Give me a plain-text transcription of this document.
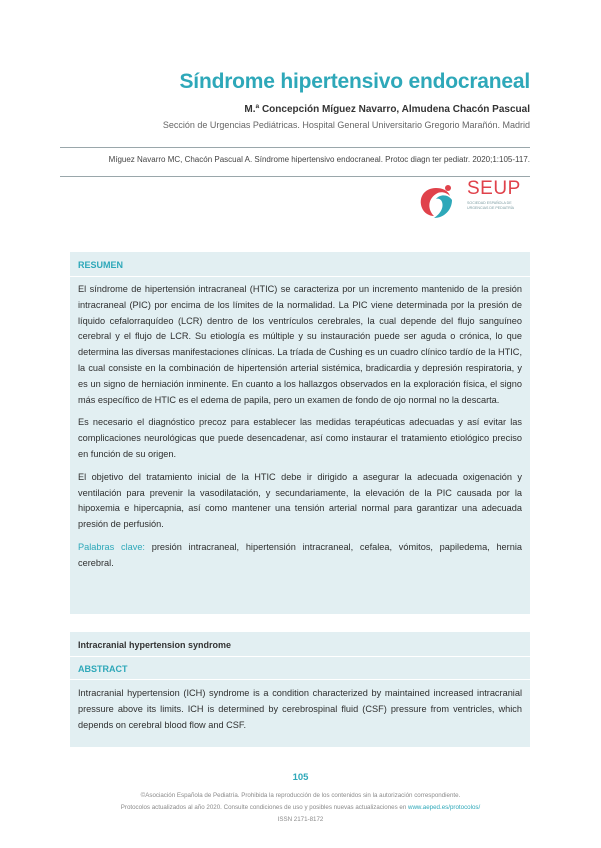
Síndrome hipertensivo endocraneal
M.ª Concepción Míguez Navarro, Almudena Chacón Pascual
Sección de Urgencias Pediátricas. Hospital General Universitario Gregorio Marañón. Madrid
Míguez Navarro MC, Chacón Pascual A. Síndrome hipertensivo endocraneal. Protoc diagn ter pediatr. 2020;1:105-117.
SEUP
SOCIEDAD ESPAÑOLA DE URGENCIAS DE PEDIATRÍA
RESUMEN

El síndrome de hipertensión intracraneal (HTIC) se caracteriza por un incremento mantenido de la presión intracraneal (PIC) por encima de los límites de la normalidad. La PIC viene determinada por la presión de líquido cefalorraquídeo (LCR) dentro de los ventrículos cerebrales, la cual depende del flujo sanguíneo cerebral y el flujo de LCR. Su etiología es múltiple y su instauración puede ser aguda o crónica, lo que determina las diversas manifestaciones clínicas. La tríada de Cushing es un cuadro clínico tardío de la HTIC, la cual consiste en la combinación de hipertensión arterial sistémica, bradicardia y depresión respiratoria, y es un signo de herniación inminente. En cuanto a los hallazgos observados en la exploración física, el signo más específico de HTIC es el edema de papila, pero un examen de fondo de ojo normal no la descarta.

Es necesario el diagnóstico precoz para establecer las medidas terapéuticas adecuadas y así evitar las complicaciones neurológicas que puede desencadenar, así como instaurar el tratamiento etiológico preciso en función de su origen.

El objetivo del tratamiento inicial de la HTIC debe ir dirigido a asegurar la adecuada oxigenación y ventilación para prevenir la vasodilatación, y secundariamente, la elevación de la PIC causada por la hipoxemia e hipercapnia, así como mantener una tensión arterial normal para garantizar una adecuada presión de perfusión.

Palabras clave: presión intracraneal, hipertensión intracraneal, cefalea, vómitos, papiledema, hernia cerebral.

Intracranial hypertension syndrome
ABSTRACT

Intracranial hypertension (ICH) syndrome is a condition characterized by maintained increased intracranial pressure above its limits. ICH is determined by cerebrospinal fluid (CSF) pressure from ventricles, which depends on cerebral blood flow and CSF.

105
©Asociación Española de Pediatría. Prohibida la reproducción de los contenidos sin la autorización correspondiente.
Protocolos actualizados al año 2020. Consulte condiciones de uso y posibles nuevas actualizaciones en www.aeped.es/protocolos/
ISSN 2171-8172
